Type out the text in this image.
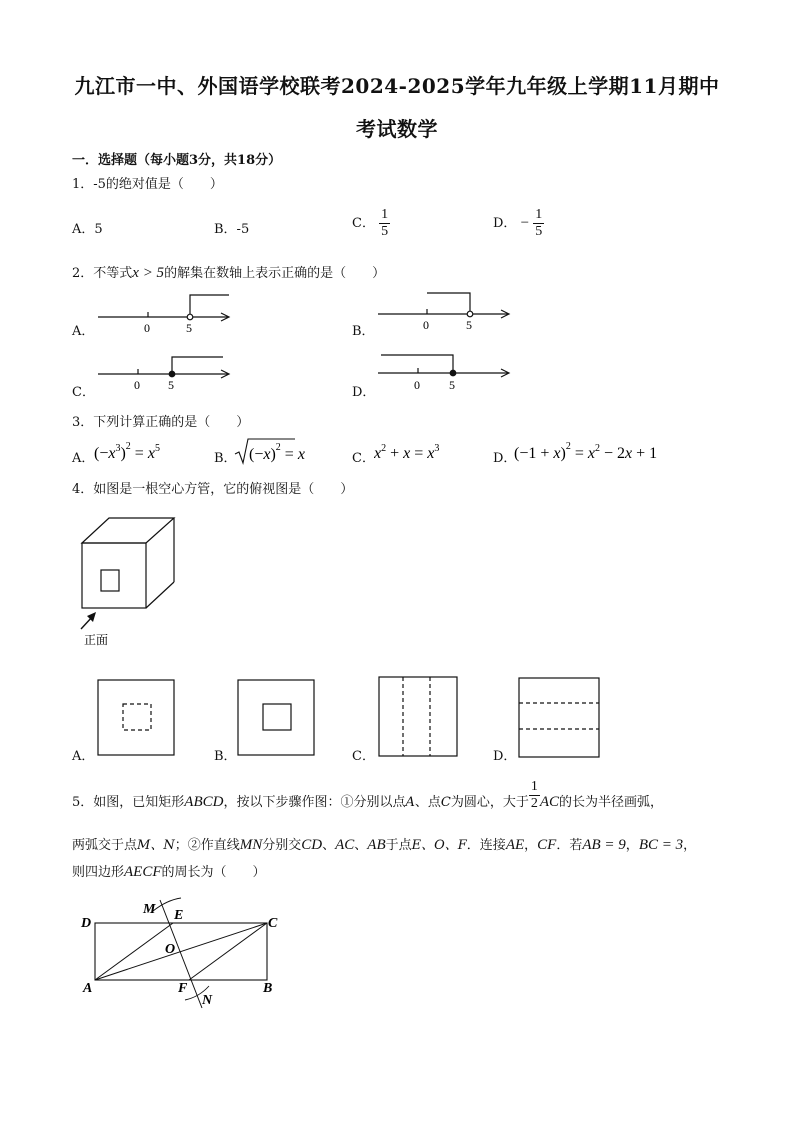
九江市一中、外国语学校联考2024-2025学年九年级上学期11月期中
考试数学
一．选择题（每小题3分，共18分）
1．-5的绝对值是（　　）
A．5	B．-5	C． $\frac{1}{5}$	D． − $\frac{1}{5}$
2．不等式x > 5的解集在数轴上表示正确的是（　　）
A．	B．
C．	D．
0	5	0	5
0 5	0 5
3．下列计算正确的是（　　）
A． $(-x^3)^2 = x^5$
B． $(-x)^2 = x$	C． $x^2 + x = x^3$
D．
$(-1 + x)^2 = x^2 - 2x + 1$
4．如图是一根空心方管，它的俯视图是（　　）
正面
A．	B．	C．	D．
5．如图，已知矩形ABCD，按以下步骤作图：①分别以点A、点C为圆心，大于 $\frac{1}{2}$ AC的长为半径画弧，
两弧交于点M、N；②作直线MN分别交CD、AC、AB于点E、O、F．连接AE，CF．若AB = 9，BC = 3，
则四边形AECF的周长为（　　）
D
M E
C
O
A	F
N
B
